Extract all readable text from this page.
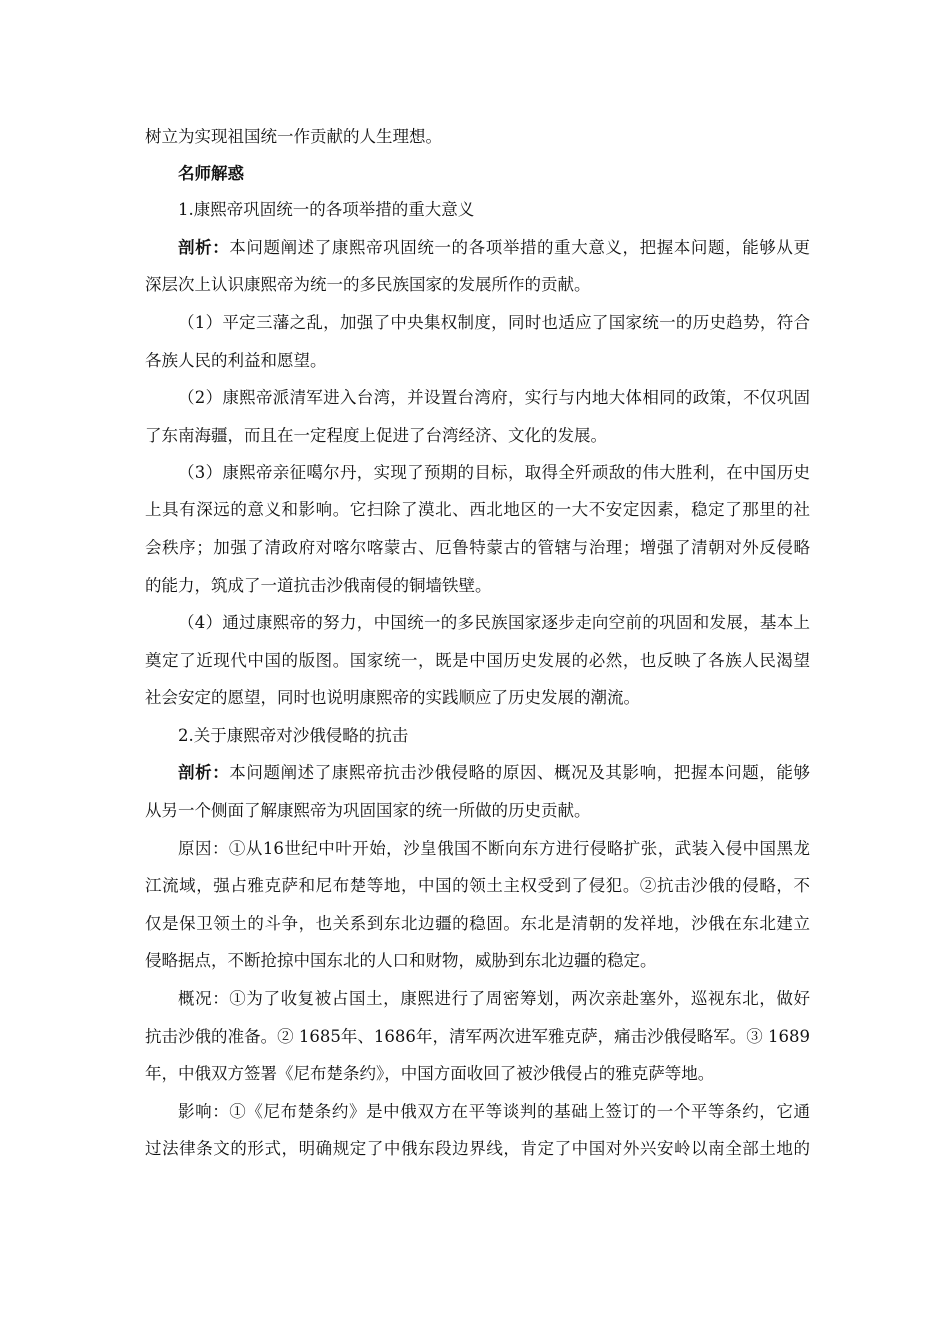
树立为实现祖国统一作贡献的人生理想。
名师解惑
1.康熙帝巩固统一的各项举措的重大意义
剖析：本问题阐述了康熙帝巩固统一的各项举措的重大意义，把握本问题，能够从更
深层次上认识康熙帝为统一的多民族国家的发展所作的贡献。
（1）平定三藩之乱，加强了中央集权制度，同时也适应了国家统一的历史趋势，符合
各族人民的利益和愿望。
（2）康熙帝派清军进入台湾，并设置台湾府，实行与内地大体相同的政策，不仅巩固
了东南海疆，而且在一定程度上促进了台湾经济、文化的发展。
（3）康熙帝亲征噶尔丹，实现了预期的目标，取得全歼顽敌的伟大胜利，在中国历史
上具有深远的意义和影响。它扫除了漠北、西北地区的一大不安定因素，稳定了那里的社
会秩序；加强了清政府对喀尔喀蒙古、厄鲁特蒙古的管辖与治理；增强了清朝对外反侵略
的能力，筑成了一道抗击沙俄南侵的铜墙铁壁。
（4）通过康熙帝的努力，中国统一的多民族国家逐步走向空前的巩固和发展，基本上
奠定了近现代中国的版图。国家统一，既是中国历史发展的必然，也反映了各族人民渴望
社会安定的愿望，同时也说明康熙帝的实践顺应了历史发展的潮流。
2.关于康熙帝对沙俄侵略的抗击
剖析：本问题阐述了康熙帝抗击沙俄侵略的原因、概况及其影响，把握本问题，能够
从另一个侧面了解康熙帝为巩固国家的统一所做的历史贡献。
原因：①从16世纪中叶开始，沙皇俄国不断向东方进行侵略扩张，武装入侵中国黑龙
江流域，强占雅克萨和尼布楚等地，中国的领土主权受到了侵犯。②抗击沙俄的侵略，不
仅是保卫领土的斗争，也关系到东北边疆的稳固。东北是清朝的发祥地，沙俄在东北建立
侵略据点，不断抢掠中国东北的人口和财物，威胁到东北边疆的稳定。
概况：①为了收复被占国土，康熙进行了周密筹划，两次亲赴塞外，巡视东北，做好
抗击沙俄的准备。② 1685年、1686年，清军两次进军雅克萨，痛击沙俄侵略军。③ 1689
年，中俄双方签署《尼布楚条约》，中国方面收回了被沙俄侵占的雅克萨等地。
影响：①《尼布楚条约》是中俄双方在平等谈判的基础上签订的一个平等条约，它通
过法律条文的形式，明确规定了中俄东段边界线，肯定了中国对外兴安岭以南全部土地的
